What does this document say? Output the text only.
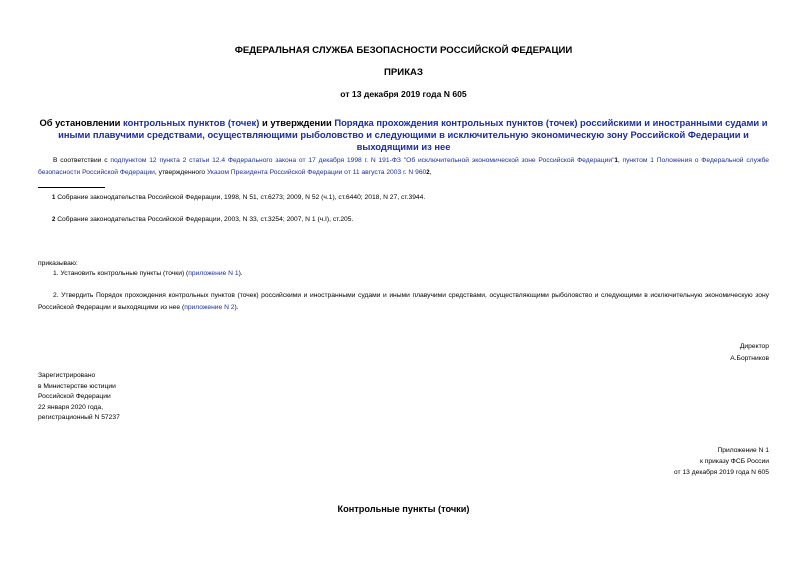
ФЕДЕРАЛЬНАЯ СЛУЖБА БЕЗОПАСНОСТИ РОССИЙСКОЙ ФЕДЕРАЦИИ
ПРИКАЗ
от 13 декабря 2019 года N 605
Об установлении контрольных пунктов (точек) и утверждении Порядка прохождения контрольных пунктов (точек) российскими и иностранными судами и иными плавучими средствами, осуществляющими рыболовство и следующими в исключительную экономическую зону Российской Федерации и выходящими из нее
В соответствии с подпунктом 12 пункта 2 статьи 12.4 Федерального закона от 17 декабря 1998 г. N 191-ФЗ "Об исключительной экономической зоне Российской Федерации"1, пунктом 1 Положения о Федеральной службе безопасности Российской Федерации, утвержденного Указом Президента Российской Федерации от 11 августа 2003 г. N 9602,
1 Собрание законодательства Российской Федерации, 1998, N 51, ст.6273; 2009, N 52 (ч.1), ст.6440; 2018, N 27, ст.3944.
2 Собрание законодательства Российской Федерации, 2003, N 33, ст.3254; 2007, N 1 (ч.I), ст.205.
приказываю:
1. Установить контрольные пункты (точки) (приложение N 1).
2. Утвердить Порядок прохождения контрольных пунктов (точек) российскими и иностранными судами и иными плавучими средствами, осуществляющими рыболовство и следующими в исключительную экономическую зону Российской Федерации и выходящими из нее (приложение N 2).
Директор
А.Бортников
Зарегистрировано
в Министерстве юстиции
Российской Федерации
22 января 2020 года,
регистрационный N 57237
Приложение N 1
к приказу ФСБ России
от 13 декабря 2019 года N 605
Контрольные пункты (точки)
